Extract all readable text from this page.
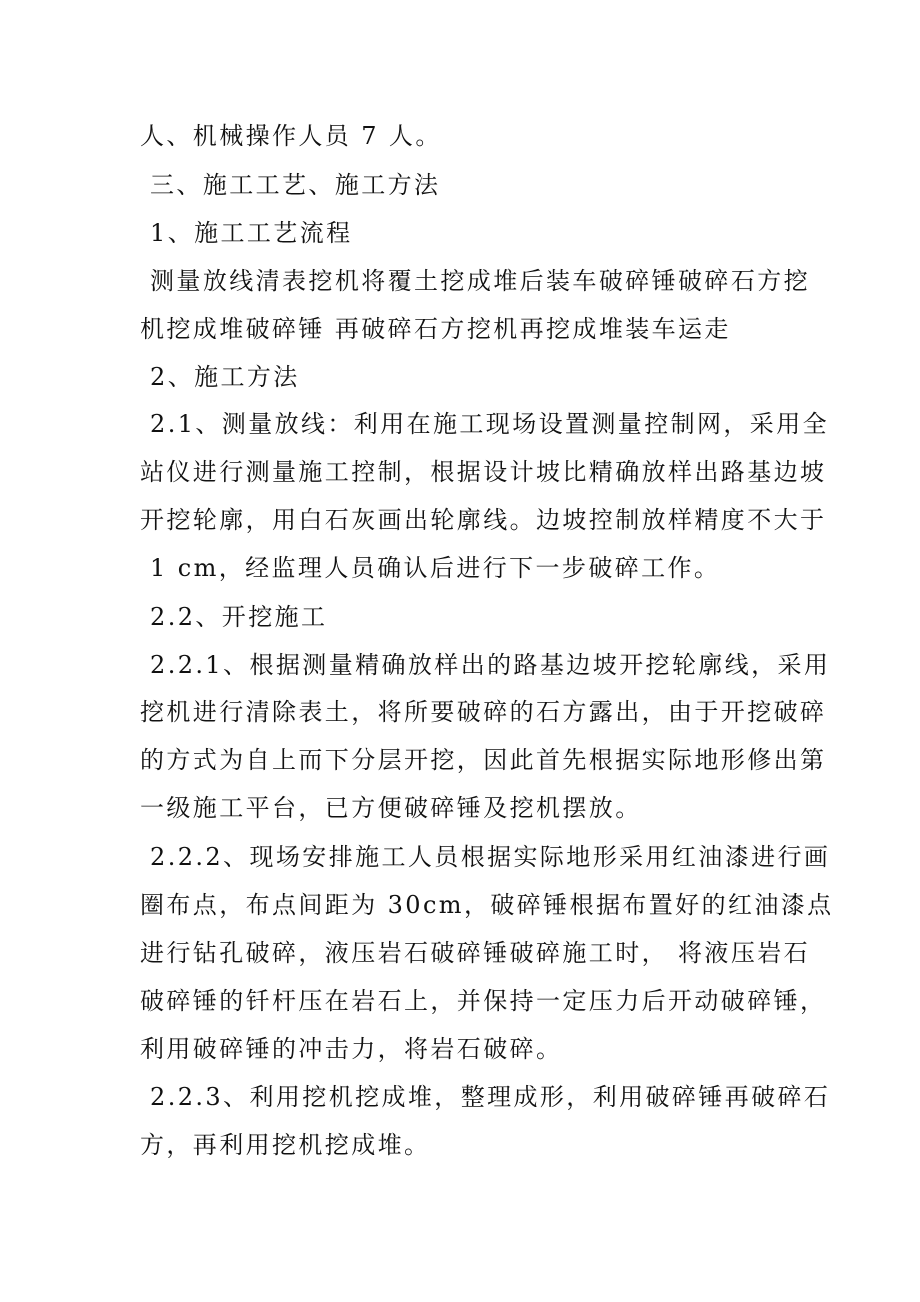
人、机械操作人员 7 人。
三、施工工艺、施工方法
1、施工工艺流程
测量放线清表挖机将覆土挖成堆后装车破碎锤破碎石方挖
机挖成堆破碎锤 再破碎石方挖机再挖成堆装车运走
2、施工方法
2.1、测量放线：利用在施工现场设置测量控制网，采用全
站仪进行测量施工控制，根据设计坡比精确放样出路基边坡
开挖轮廓，用白石灰画出轮廓线。边坡控制放样精度不大于
1 cm，经监理人员确认后进行下一步破碎工作。
2.2、开挖施工
2.2.1、根据测量精确放样出的路基边坡开挖轮廓线，采用
挖机进行清除表土，将所要破碎的石方露出，由于开挖破碎
的方式为自上而下分层开挖，因此首先根据实际地形修出第
一级施工平台，已方便破碎锤及挖机摆放。
2.2.2、现场安排施工人员根据实际地形采用红油漆进行画
圈布点，布点间距为 30cm，破碎锤根据布置好的红油漆点
进行钻孔破碎，液压岩石破碎锤破碎施工时， 将液压岩石
破碎锤的钎杆压在岩石上，并保持一定压力后开动破碎锤，
利用破碎锤的冲击力，将岩石破碎。
2.2.3、利用挖机挖成堆，整理成形，利用破碎锤再破碎石
方，再利用挖机挖成堆。
